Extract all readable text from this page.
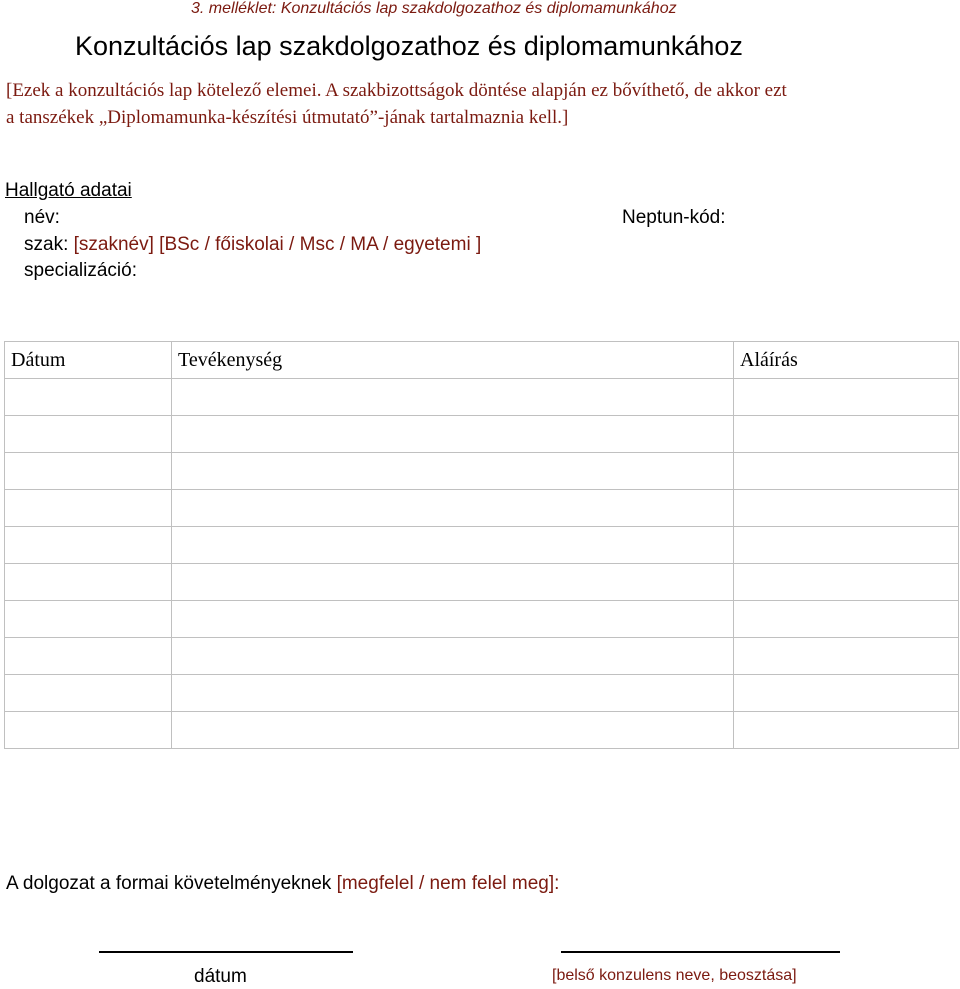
3. melléklet: Konzultációs lap szakdolgozathoz és diplomamunkához
Konzultációs lap szakdolgozathoz és diplomamunkához
[Ezek a konzultációs lap kötelező elemei. A szakbizottságok döntése alapján ez bővíthető, de akkor ezt
a tanszékek „Diplomamunka-készítési útmutató”-jának tartalmaznia kell.]
Hallgató adatai
név:	Neptun-kód:
szak: [szaknév] [BSc / főiskolai / Msc / MA / egyetemi ]
specializáció:
Dátum	Tevékenység	Aláírás

A dolgozat a formai követelményeknek [megfelel / nem felel meg]:
dátum	[belső konzulens neve, beosztása]
